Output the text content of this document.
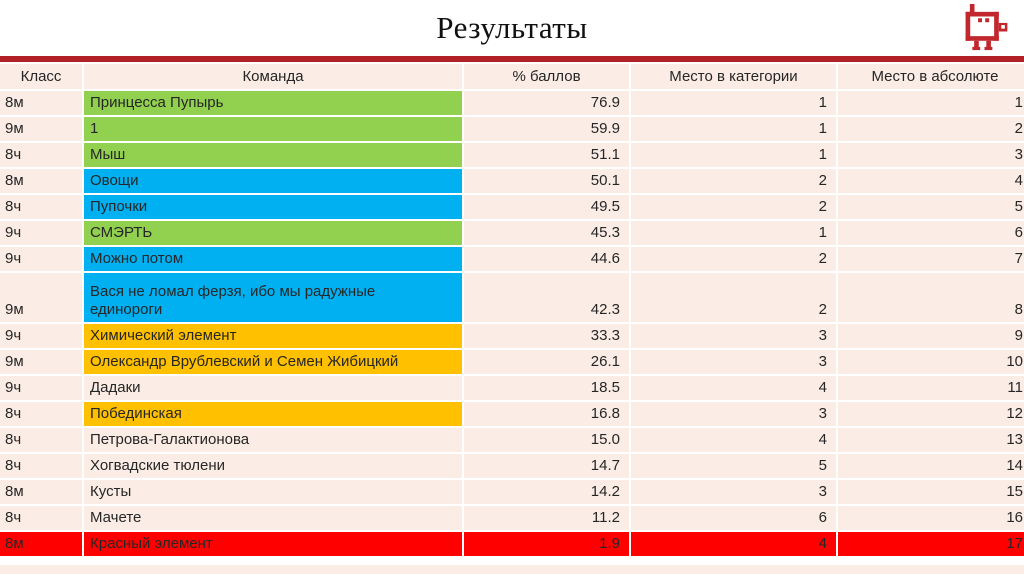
Результаты
Класс	Команда	% баллов	Место в категории	Место в абсолюте
8м	Принцесса Пупырь	76.9	1	1
9м	1	59.9	1	2
8ч	Мыш	51.1	1	3
8м	Овощи	50.1	2	4
8ч	Пупочки	49.5	2	5
9ч	СМЭРТЬ	45.3	1	6
9ч	Можно потом	44.6	2	7
9м	Вася не ломал ферзя, ибо мы радужные единороги	42.3	2	8
9ч	Химический элемент	33.3	3	9
9м	Олександр Врублевский и Семен Жибицкий	26.1	3	10
9ч	Дадаки	18.5	4	11
8ч	Побединская	16.8	3	12
8ч	Петрова-Галактионова	15.0	4	13
8ч	Хогвадские тюлени	14.7	5	14
8м	Кусты	14.2	3	15
8ч	Мачете	11.2	6	16
8м	Красный элемент	1.9	4	17
